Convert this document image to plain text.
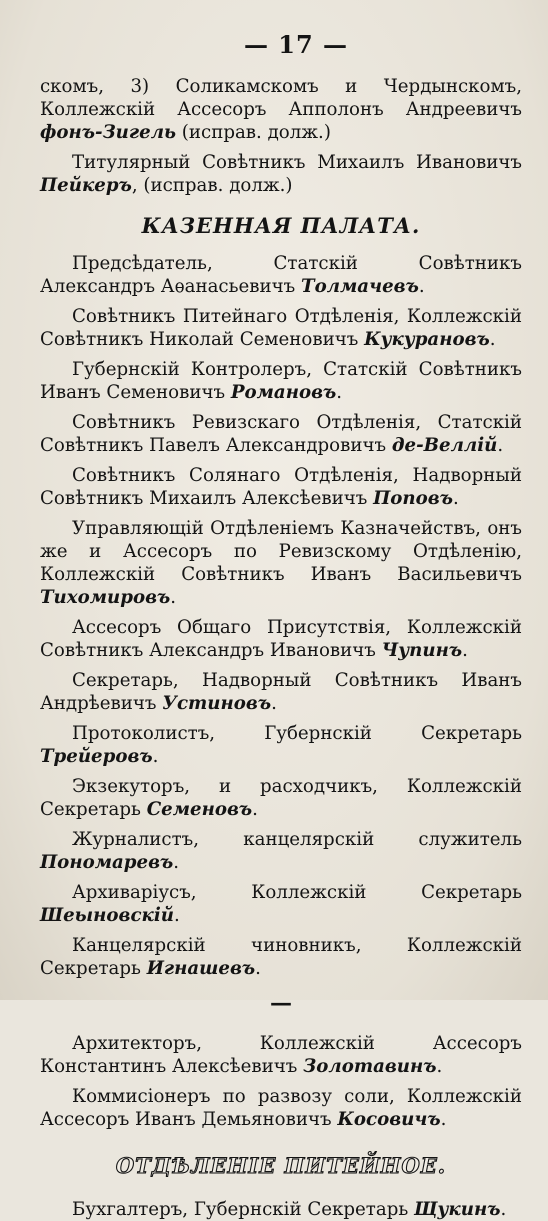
— 17 —

скомъ, 3) Соликамскомъ и Чердынскомъ, Коллежскій Ассесоръ Апполонъ Андреевичъ фонъ-Зигель (исправ. долж.)

Титулярный Совѣтникъ Михаилъ Ивановичъ Пейкеръ, (исправ. долж.)

КАЗЕННАЯ ПАЛАТА.

Предсѣдатель, Статскій Совѣтникъ Александръ Аѳанасьевичъ Толмачевъ.

Совѣтникъ Питейнаго Отдѣленія, Коллежскій Совѣтникъ Николай Семеновичъ Кукурановъ.

Губернскій Контролеръ, Статскій Совѣтникъ Иванъ Семеновичъ Романовъ.

Совѣтникъ Ревизскаго Отдѣленія, Статскій Совѣтникъ Павелъ Александровичъ де-Веллій.

Совѣтникъ Солянаго Отдѣленія, Надворный Совѣтникъ Михаилъ Алексѣевичъ Поповъ.

Управляющій Отдѣленіемъ Казначействъ, онъ же и Ассесоръ по Ревизскому Отдѣленію, Коллежскій Совѣтникъ Иванъ Васильевичъ Тихомировъ.

Ассесоръ Общаго Присутствія, Коллежскій Совѣтникъ Александръ Ивановичъ Чупинъ.

Секретарь, Надворный Совѣтникъ Иванъ Андрѣевичъ Устиновъ.

Протоколистъ, Губернскій Секретарь Трейеровъ.

Экзекуторъ, и расходчикъ, Коллежскій Секретарь Семеновъ.

Журналистъ, канцелярскій служитель Пономаревъ.

Архиваріусъ, Коллежскій Секретарь Шеыновскій.

Канцелярскій чиновникъ, Коллежскій Секретарь Игнашевъ.

—

Архитекторъ, Коллежскій Ассесоръ Константинъ Алексѣевичъ Золотавинъ.

Коммисіонеръ по развозу соли, Коллежскій Ассесоръ Иванъ Демьяновичъ Косовичъ.

ОТДѢЛЕНІЕ ПИТЕЙНОЕ.

Бухгалтеръ, Губернскій Секретарь Щукинъ.
